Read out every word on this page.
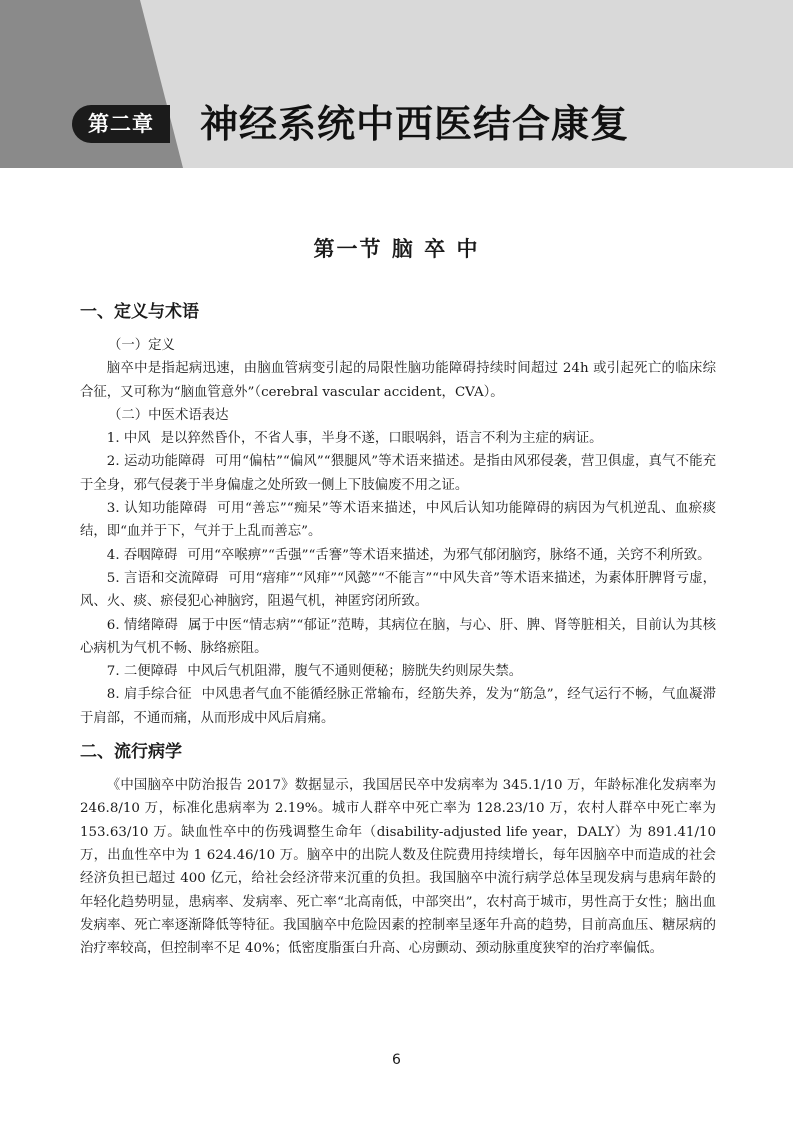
第二章	神经系统中西医结合康复
第一节 脑 卒 中
一、定义与术语
（一）定义

脑卒中是指起病迅速，由脑血管病变引起的局限性脑功能障碍持续时间超过 24h 或引起死亡的临床综合征，又可称为“脑血管意外”（cerebral vascular accident，CVA）。

（二）中医术语表达

1. 中风 是以猝然昏仆，不省人事，半身不遂，口眼㖞斜，语言不利为主症的病证。

2. 运动功能障碍 可用“偏枯”“偏风”“猥腿风”等术语来描述。是指由风邪侵袭，营卫俱虚，真气不能充于全身，邪气侵袭于半身偏虚之处所致一侧上下肢偏废不用之证。

3. 认知功能障碍 可用“善忘”“痴呆”等术语来描述，中风后认知功能障碍的病因为气机逆乱、血瘀痰结，即“血并于下，气并于上乱而善忘”。

4. 吞咽障碍 可用“卒喉痹”“舌强”“舌謇”等术语来描述，为邪气郁闭脑窍，脉络不通，关窍不利所致。

5. 言语和交流障碍 可用“瘖痱”“风痱”“风懿”“不能言”“中风失音”等术语来描述，为素体肝脾肾亏虚，风、火、痰、瘀侵犯心神脑窍，阻遏气机，神匿窍闭所致。

6. 情绪障碍 属于中医“情志病”“郁证”范畴，其病位在脑，与心、肝、脾、肾等脏相关，目前认为其核心病机为气机不畅、脉络瘀阻。

7. 二便障碍 中风后气机阻滞，腹气不通则便秘；膀胱失约则尿失禁。

8. 肩手综合征 中风患者气血不能循经脉正常输布，经筋失养，发为“筋急”，经气运行不畅，气血凝滞于肩部，不通而痛，从而形成中风后肩痛。

二、流行病学

《中国脑卒中防治报告 2017》数据显示，我国居民卒中发病率为 345.1/10 万，年龄标准化发病率为 246.8/10 万，标准化患病率为 2.19%。城市人群卒中死亡率为 128.23/10 万，农村人群卒中死亡率为 153.63/10 万。缺血性卒中的伤残调整生命年（disability-adjusted life year，DALY）为 891.41/10 万，出血性卒中为 1 624.46/10 万。脑卒中的出院人数及住院费用持续增长，每年因脑卒中而造成的社会经济负担已超过 400 亿元，给社会经济带来沉重的负担。我国脑卒中流行病学总体呈现发病与患病年龄的年轻化趋势明显，患病率、发病率、死亡率“北高南低，中部突出”，农村高于城市，男性高于女性；脑出血发病率、死亡率逐渐降低等特征。我国脑卒中危险因素的控制率呈逐年升高的趋势，目前高血压、糖尿病的治疗率较高，但控制率不足 40%；低密度脂蛋白升高、心房颤动、颈动脉重度狭窄的治疗率偏低。

6
